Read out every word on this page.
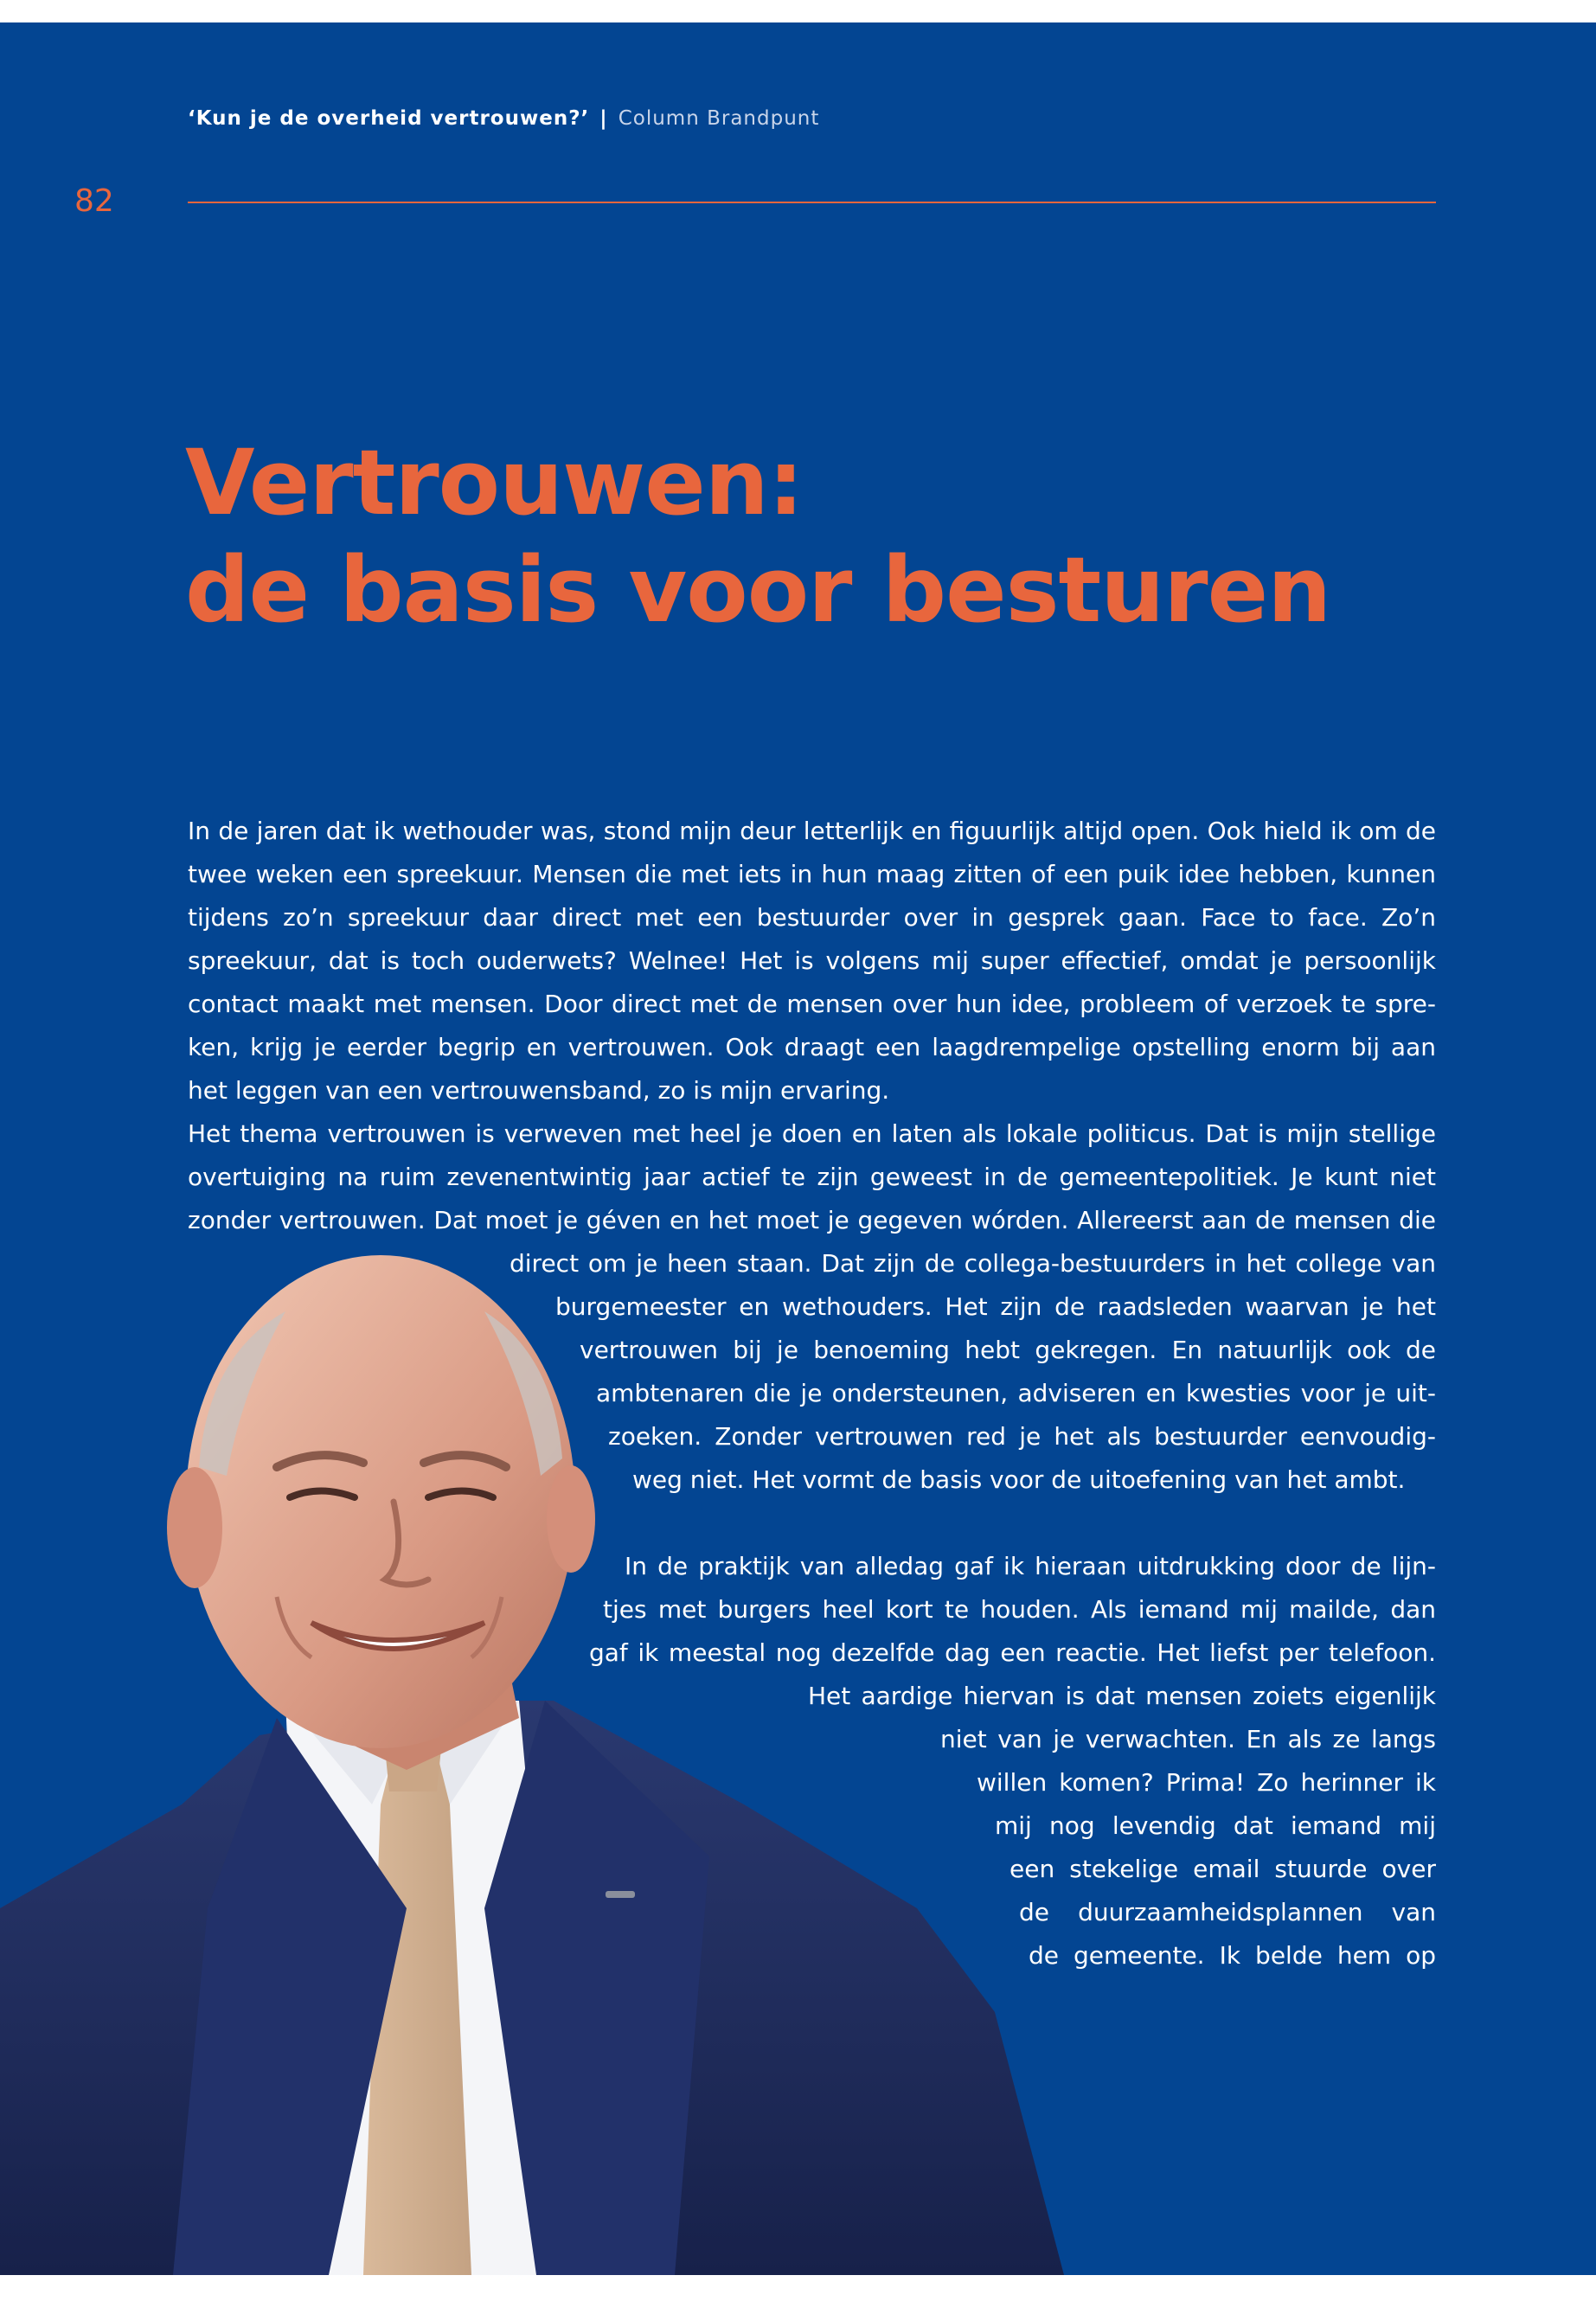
‘Kun je de overheid vertrouwen?’ | Column Brandpunt
82
Vertrouwen:
de basis voor besturen
In de jaren dat ik wethouder was, stond mijn deur letterlijk en figuurlijk altijd open. Ook hield ik om de
twee weken een spreekuur. Mensen die met iets in hun maag zitten of een puik idee hebben, kunnen
tijdens zo’n spreekuur daar direct met een bestuurder over in gesprek gaan. Face to face. Zo’n
spreekuur, dat is toch ouderwets? Welnee! Het is volgens mij super effectief, omdat je persoonlijk
contact maakt met mensen. Door direct met de mensen over hun idee, probleem of verzoek te spre-
ken, krijg je eerder begrip en vertrouwen. Ook draagt een laagdrempelige opstelling enorm bij aan
het leggen van een vertrouwensband, zo is mijn ervaring.
Het thema vertrouwen is verweven met heel je doen en laten als lokale politicus. Dat is mijn stellige
overtuiging na ruim zevenentwintig jaar actief te zijn geweest in de gemeentepolitiek. Je kunt niet
zonder vertrouwen. Dat moet je géven en het moet je gegeven wórden. Allereerst aan de mensen die
direct om je heen staan. Dat zijn de collega-bestuurders in het college van
burgemeester en wethouders. Het zijn de raadsleden waarvan je het
vertrouwen bij je benoeming hebt gekregen. En natuurlijk ook de
ambtenaren die je ondersteunen, adviseren en kwesties voor je uit-
zoeken. Zonder vertrouwen red je het als bestuurder eenvoudig-
weg niet. Het vormt de basis voor de uitoefening van het ambt.
In de praktijk van alledag gaf ik hieraan uitdrukking door de lijn-
tjes met burgers heel kort te houden. Als iemand mij mailde, dan
gaf ik meestal nog dezelfde dag een reactie. Het liefst per telefoon.
Het aardige hiervan is dat mensen zoiets eigenlijk
niet van je verwachten. En als ze langs
willen komen? Prima! Zo herinner ik
mij nog levendig dat iemand mij
een stekelige email stuurde over
de duurzaamheidsplannen van
de gemeente. Ik belde hem op
